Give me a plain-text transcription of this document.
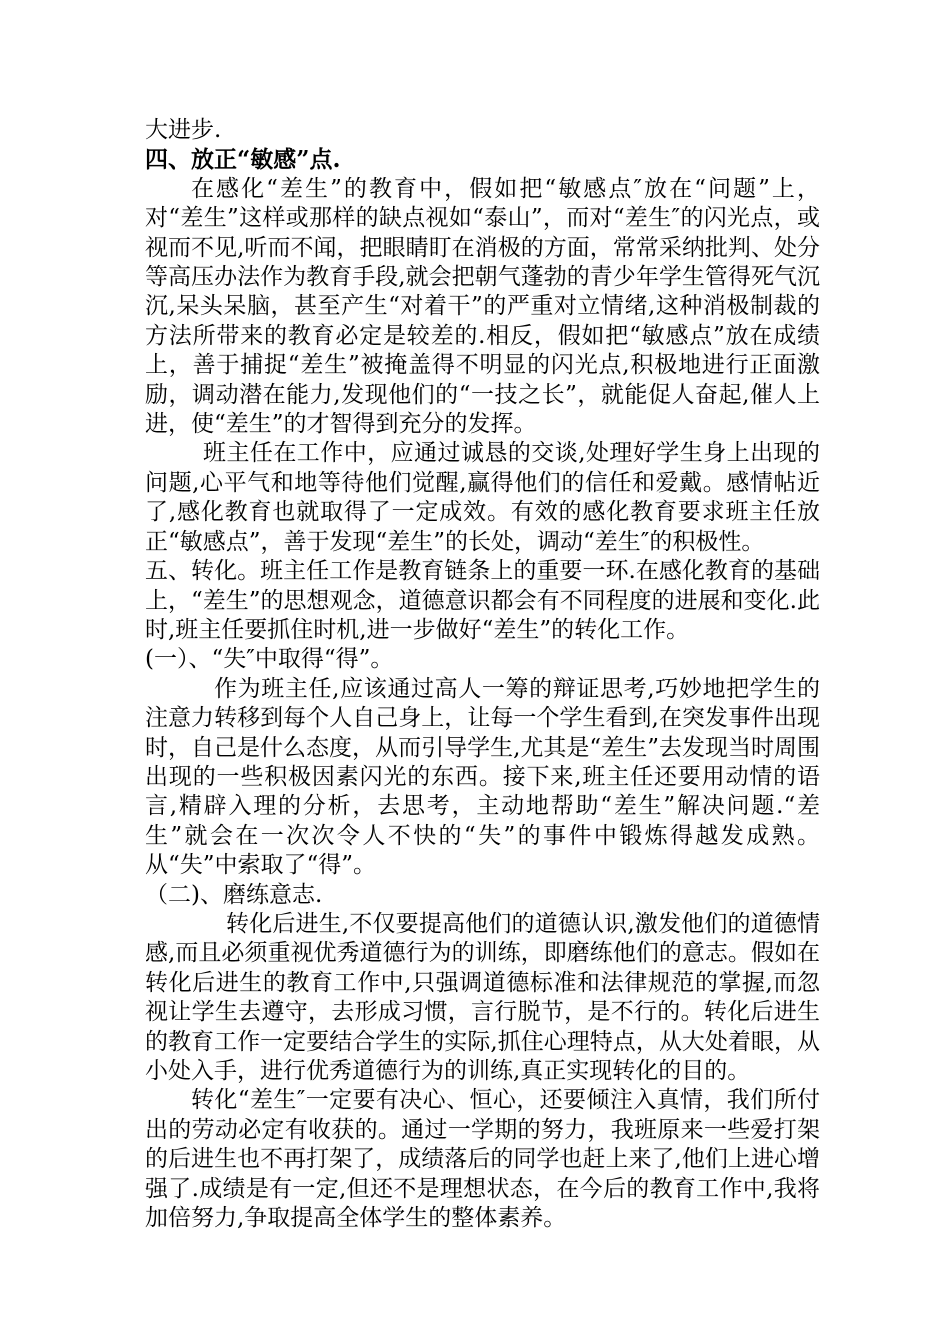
大进步.

四、放正“敏感”点.

在感化“差生”的教育中，假如把“敏感点″放在“问题”上，对“差生”这样或那样的缺点视如“泰山”，而对“差生″的闪光点，或视而不见,听而不闻，把眼睛盯在消极的方面，常常采纳批判、处分等高压办法作为教育手段,就会把朝气蓬勃的青少年学生管得死气沉沉,呆头呆脑，甚至产生“对着干”的严重对立情绪,这种消极制裁的方法所带来的教育必定是较差的.相反，假如把“敏感点”放在成绩上，善于捕捉“差生”被掩盖得不明显的闪光点,积极地进行正面激励，调动潜在能力,发现他们的“一技之长”，就能促人奋起,催人上进，使“差生”的才智得到充分的发挥。

班主任在工作中，应通过诚恳的交谈,处理好学生身上出现的问题,心平气和地等待他们觉醒,赢得他们的信任和爱戴。感情帖近了,感化教育也就取得了一定成效。有效的感化教育要求班主任放正“敏感点”，善于发现“差生”的长处，调动“差生″的积极性。

五、转化。班主任工作是教育链条上的重要一环.在感化教育的基础上，“差生”的思想观念，道德意识都会有不同程度的进展和变化.此时,班主任要抓住时机,进一步做好“差生”的转化工作。

(一）、“失″中取得“得”。

作为班主任,应该通过高人一筹的辩证思考,巧妙地把学生的注意力转移到每个人自己身上，让每一个学生看到,在突发事件出现时，自己是什么态度，从而引导学生,尤其是“差生”去发现当时周围出现的一些积极因素闪光的东西。接下来,班主任还要用动情的语言,精辟入理的分析，去思考，主动地帮助“差生”解决问题.“差生”就会在一次次令人不快的“失”的事件中锻炼得越发成熟。从“失”中索取了“得”。

（二)、磨练意志.

转化后进生,不仅要提高他们的道德认识,激发他们的道德情感,而且必须重视优秀道德行为的训练，即磨练他们的意志。假如在转化后进生的教育工作中,只强调道德标准和法律规范的掌握,而忽视让学生去遵守，去形成习惯，言行脱节，是不行的。转化后进生的教育工作一定要结合学生的实际,抓住心理特点，从大处着眼，从小处入手，进行优秀道德行为的训练,真正实现转化的目的。

转化“差生″一定要有决心、恒心，还要倾注入真情，我们所付出的劳动必定有收获的。通过一学期的努力，我班原来一些爱打架的后进生也不再打架了，成绩落后的同学也赶上来了,他们上进心增强了.成绩是有一定,但还不是理想状态，在今后的教育工作中,我将加倍努力,争取提高全体学生的整体素养。
